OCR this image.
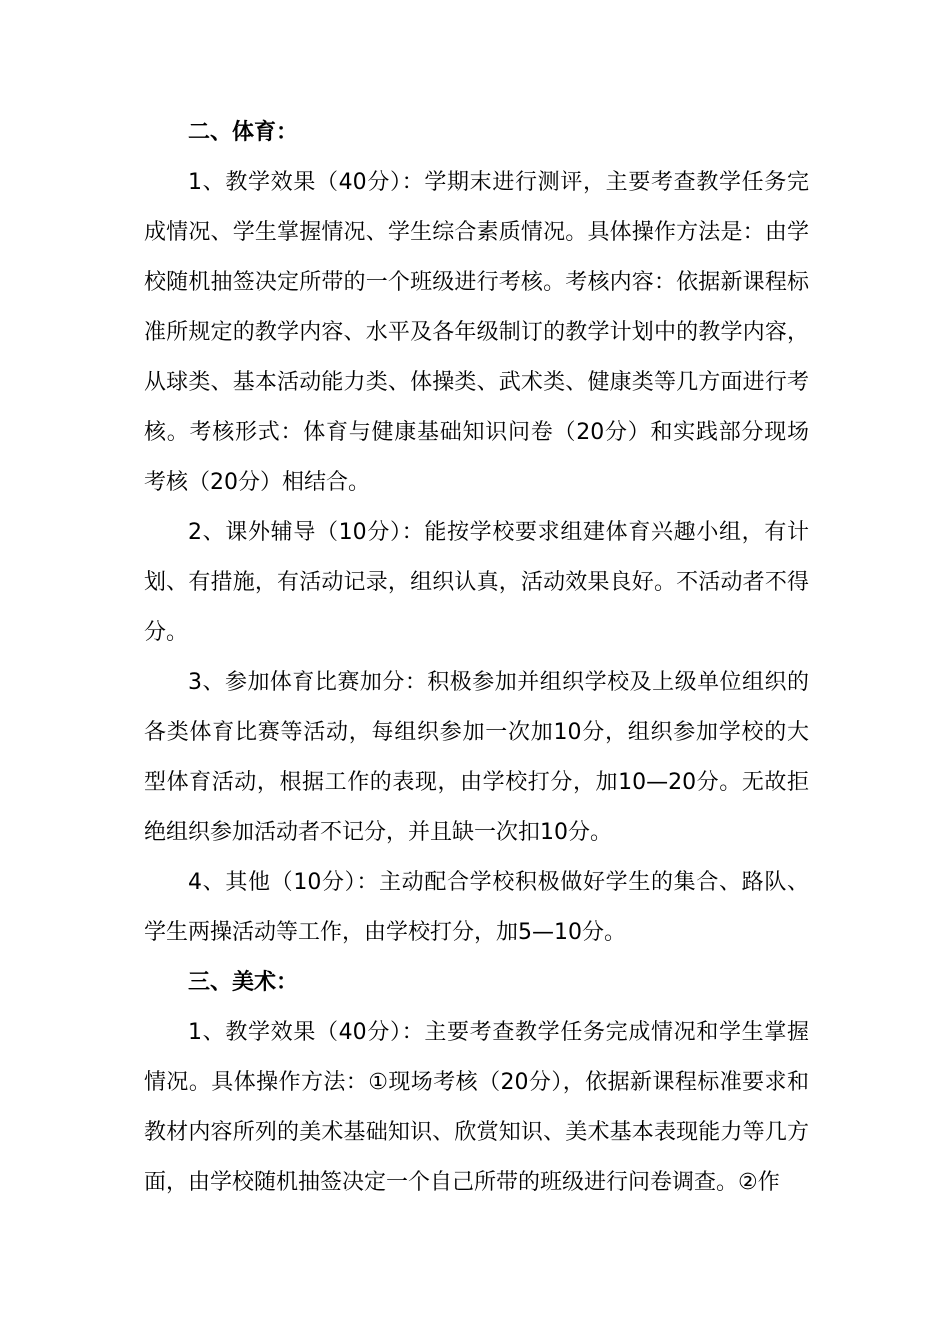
二、体育：

1、教学效果（40分）：学期末进行测评，主要考查教学任务完成情况、学生掌握情况、学生综合素质情况。具体操作方法是：由学校随机抽签决定所带的一个班级进行考核。考核内容：依据新课程标准所规定的教学内容、水平及各年级制订的教学计划中的教学内容，从球类、基本活动能力类、体操类、武术类、健康类等几方面进行考核。考核形式：体育与健康基础知识问卷（20分）和实践部分现场考核（20分）相结合。

2、课外辅导（10分）：能按学校要求组建体育兴趣小组，有计划、有措施，有活动记录，组织认真，活动效果良好。不活动者不得分。

3、参加体育比赛加分：积极参加并组织学校及上级单位组织的各类体育比赛等活动，每组织参加一次加10分，组织参加学校的大型体育活动，根据工作的表现，由学校打分，加10—20分。无故拒绝组织参加活动者不记分，并且缺一次扣10分。

4、其他（10分）：主动配合学校积极做好学生的集合、路队、学生两操活动等工作，由学校打分，加5—10分。

三、美术：

1、教学效果（40分）：主要考查教学任务完成情况和学生掌握情况。具体操作方法：①现场考核（20分），依据新课程标准要求和教材内容所列的美术基础知识、欣赏知识、美术基本表现能力等几方面，由学校随机抽签决定一个自己所带的班级进行问卷调查。②作
